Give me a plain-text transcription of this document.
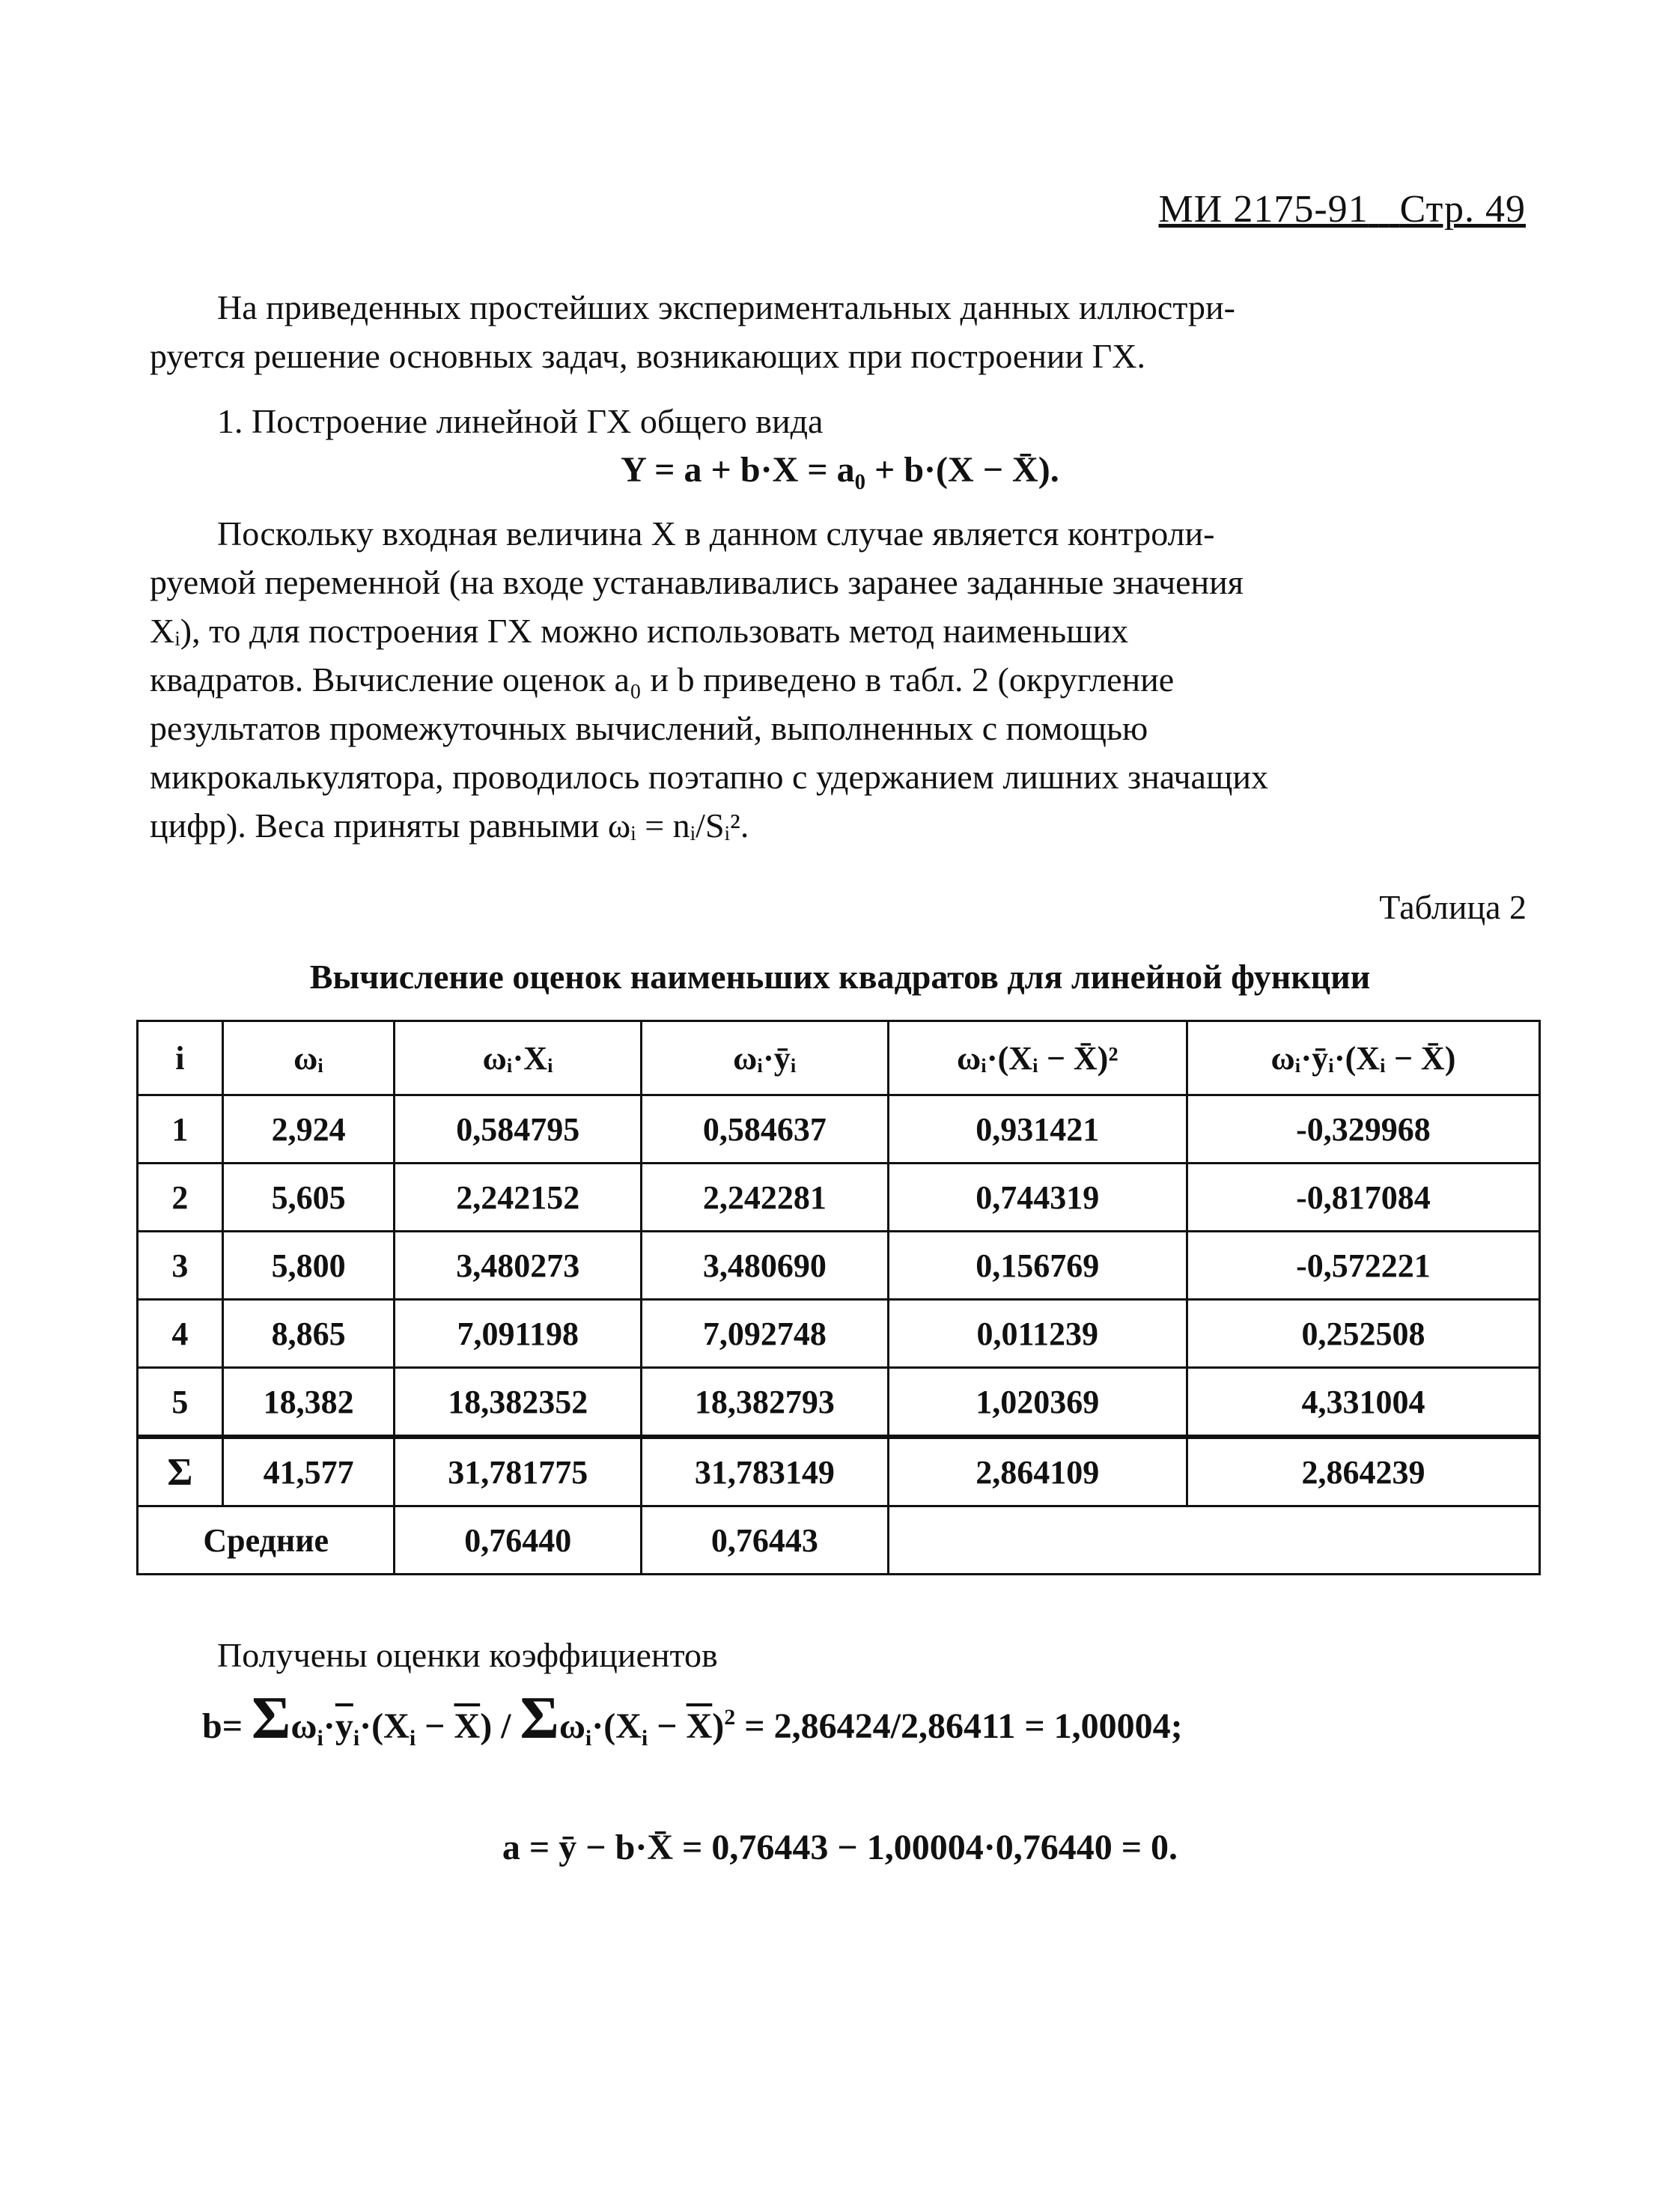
МИ 2175-91 Стр. 49
На приведенных простейших экспериментальных данных иллюстри-
руется решение основных задач, возникающих при построении ГХ.
1. Построение линейной ГХ общего вида
Y = a + b·X = a₀ + b·(X − X̄).
Поскольку входная величина X в данном случае является контроли-
руемой переменной (на входе устанавливались заранее заданные значения
Xᵢ), то для построения ГХ можно использовать метод наименьших
квадратов. Вычисление оценок a₀ и b приведено в табл. 2 (округление
результатов промежуточных вычислений, выполненных с помощью
микрокалькулятора, проводилось поэтапно с удержанием лишних значащих
цифр). Веса приняты равными ωᵢ = nᵢ/Sᵢ².
Таблица 2
Вычисление оценок наименьших квадратов для линейной функции
i	ωᵢ	ωᵢ·Xᵢ	ωᵢ·ȳᵢ	ωᵢ·(Xᵢ − X̄)²	ωᵢ·ȳᵢ·(Xᵢ − X̄)
1	2,924	0,584795	0,584637	0,931421	-0,329968
2	5,605	2,242152	2,242281	0,744319	-0,817084
3	5,800	3,480273	3,480690	0,156769	-0,572221
4	8,865	7,091198	7,092748	0,011239	0,252508
5	18,382	18,382352	18,382793	1,020369	4,331004
Σ	41,577	31,781775	31,783149	2,864109	2,864239
Средние		0,76440	0,76443		
Получены оценки коэффициентов
$b= \Sigma\omega_i\cdot\overline{y}_i\cdot(X_i - \overline{X}) / \Sigma\omega_i\cdot(X_i - \overline{X})^2 = 2,86424/2,86411 = 1,00004$;
a = ȳ − b·X̄ = 0,76443 − 1,00004·0,76440 = 0.
